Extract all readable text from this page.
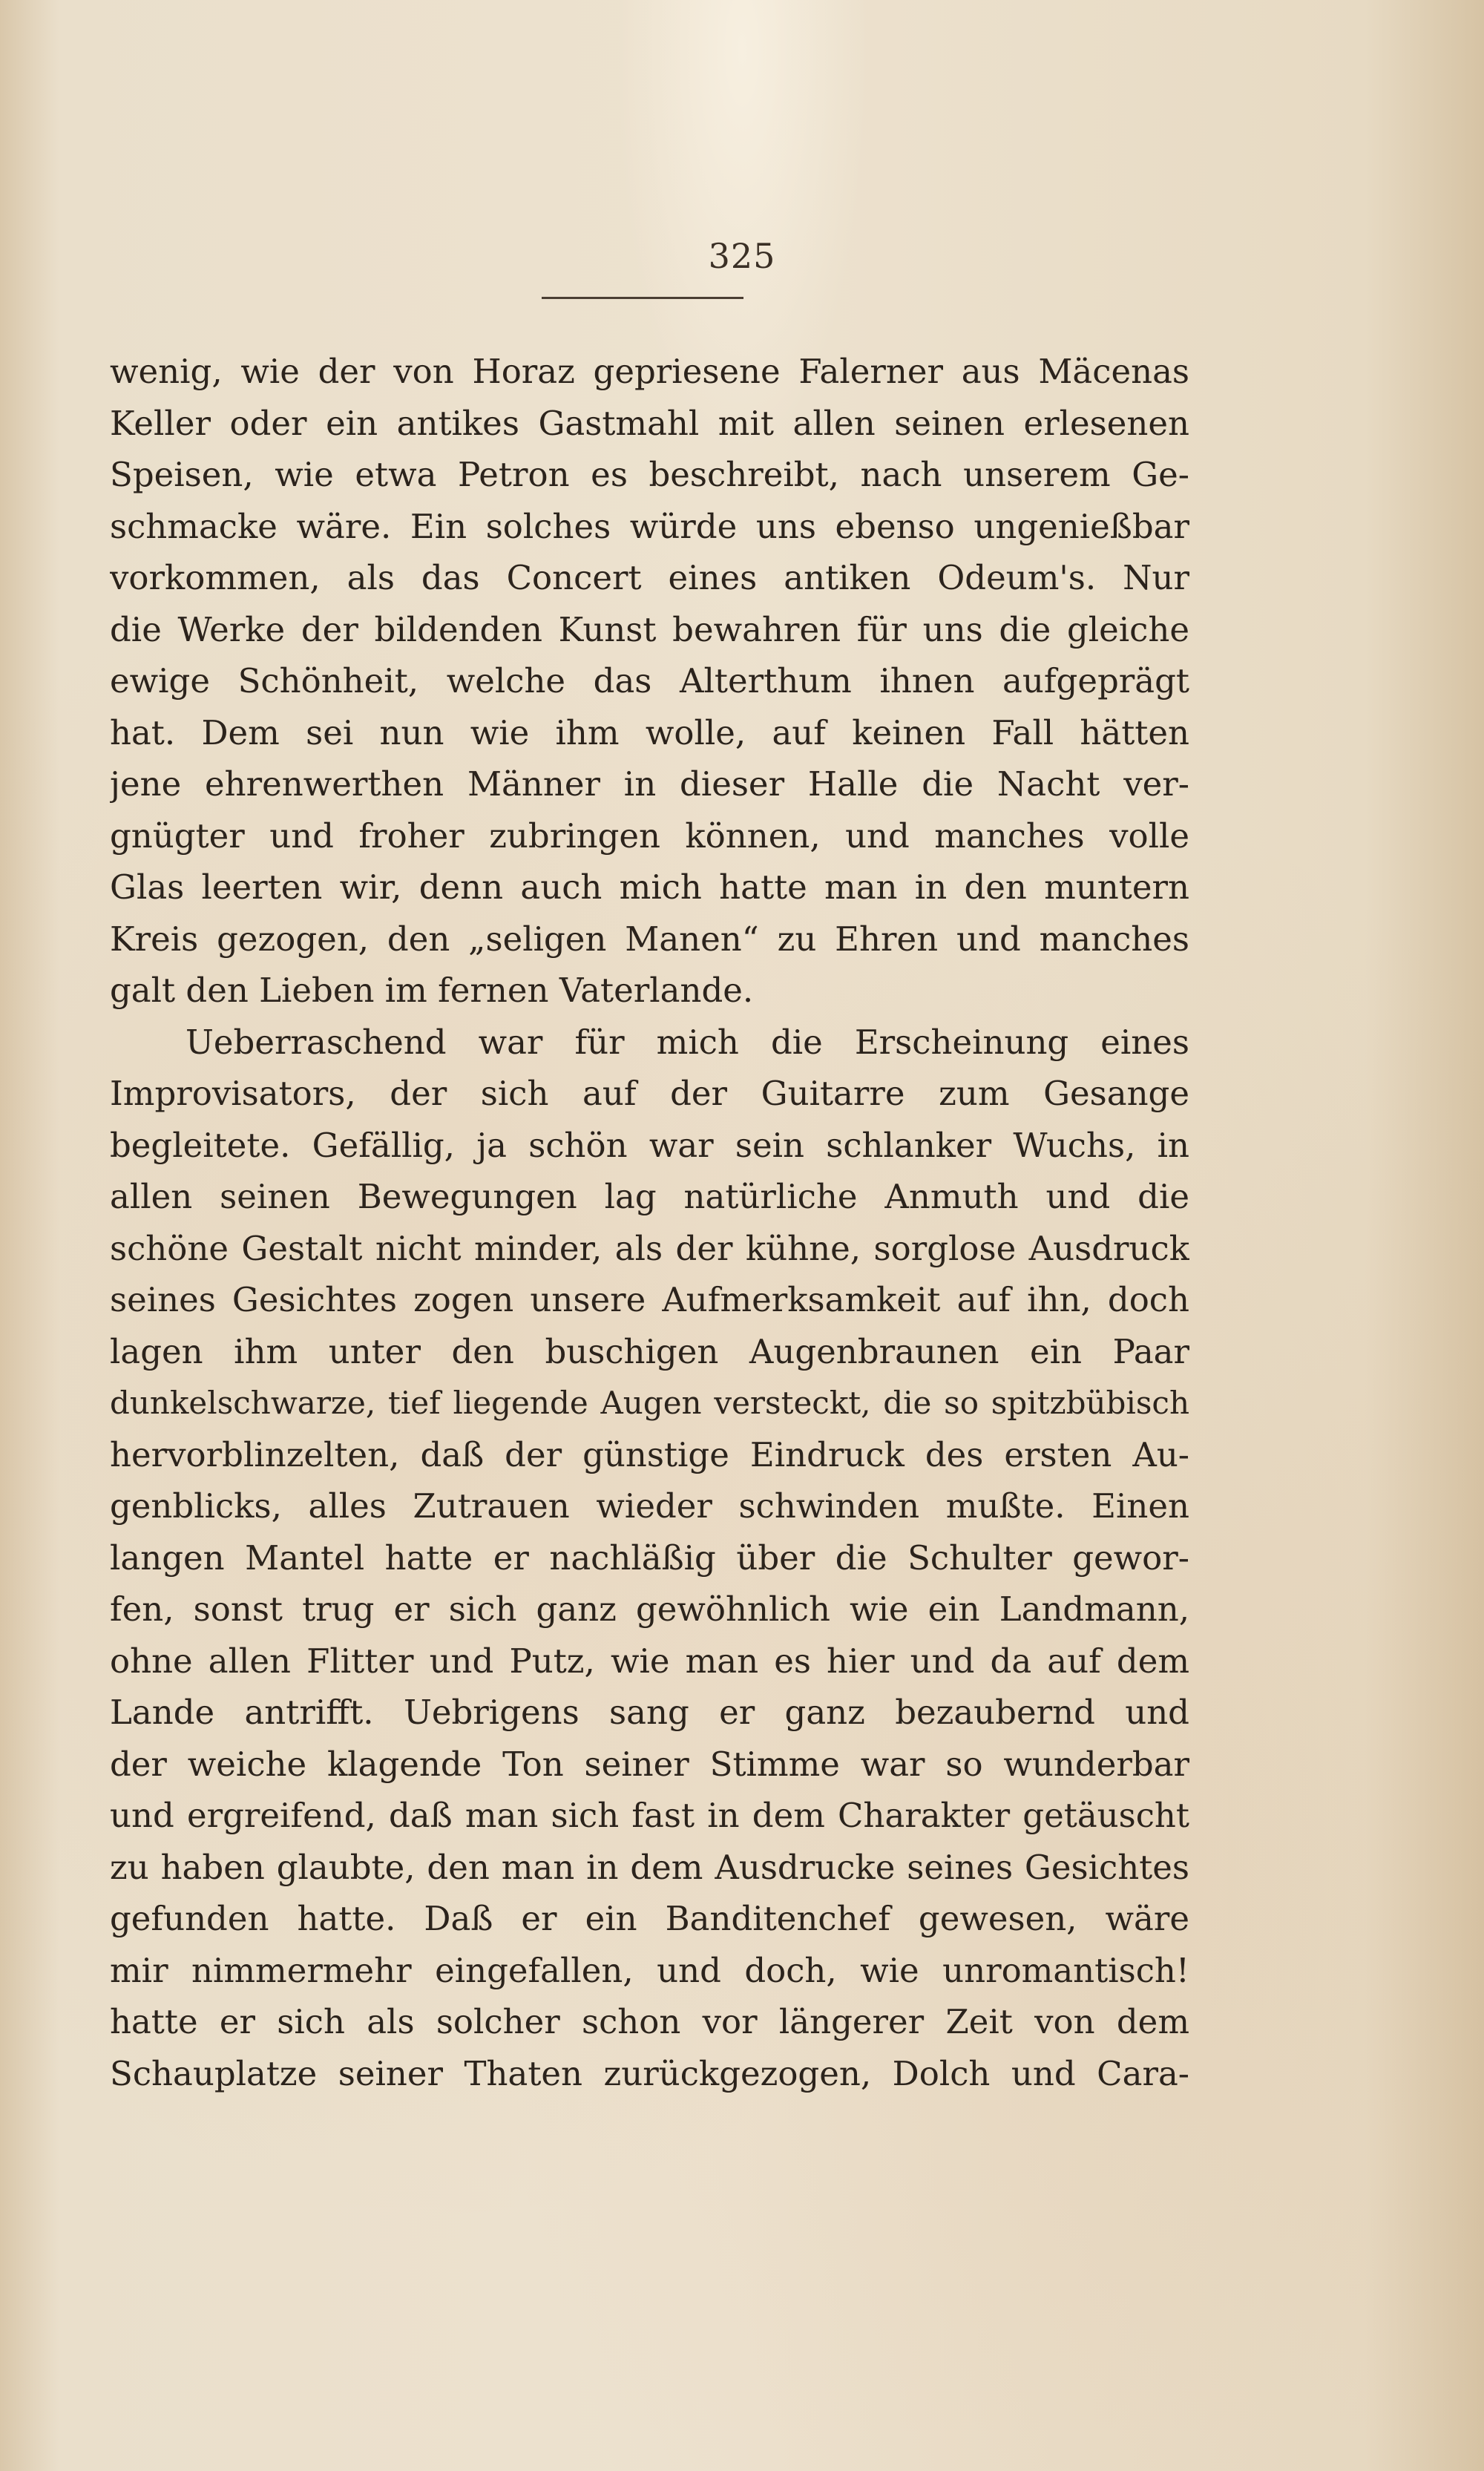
325
wenig, wie der von Horaz gepriesene Falerner aus Mäcenas
Keller oder ein antikes Gastmahl mit allen seinen erlesenen
Speisen, wie etwa Petron es beschreibt, nach unserem Ge-
schmacke wäre. Ein solches würde uns ebenso ungenießbar
vorkommen, als das Concert eines antiken Odeum's. Nur
die Werke der bildenden Kunst bewahren für uns die gleiche
ewige Schönheit, welche das Alterthum ihnen aufgeprägt
hat. Dem sei nun wie ihm wolle, auf keinen Fall hätten
jene ehrenwerthen Männer in dieser Halle die Nacht ver-
gnügter und froher zubringen können, und manches volle
Glas leerten wir, denn auch mich hatte man in den muntern
Kreis gezogen, den „seligen Manen“ zu Ehren und manches
galt den Lieben im fernen Vaterlande.
Ueberraschend war für mich die Erscheinung eines
Improvisators, der sich auf der Guitarre zum Gesange
begleitete. Gefällig, ja schön war sein schlanker Wuchs, in
allen seinen Bewegungen lag natürliche Anmuth und die
schöne Gestalt nicht minder, als der kühne, sorglose Ausdruck
seines Gesichtes zogen unsere Aufmerksamkeit auf ihn, doch
lagen ihm unter den buschigen Augenbraunen ein Paar
dunkelschwarze, tief liegende Augen versteckt, die so spitzbübisch
hervorblinzelten, daß der günstige Eindruck des ersten Au-
genblicks, alles Zutrauen wieder schwinden mußte. Einen
langen Mantel hatte er nachläßig über die Schulter gewor-
fen, sonst trug er sich ganz gewöhnlich wie ein Landmann,
ohne allen Flitter und Putz, wie man es hier und da auf dem
Lande antrifft. Uebrigens sang er ganz bezaubernd und
der weiche klagende Ton seiner Stimme war so wunderbar
und ergreifend, daß man sich fast in dem Charakter getäuscht
zu haben glaubte, den man in dem Ausdrucke seines Gesichtes
gefunden hatte. Daß er ein Banditenchef gewesen, wäre
mir nimmermehr eingefallen, und doch, wie unromantisch!
hatte er sich als solcher schon vor längerer Zeit von dem
Schauplatze seiner Thaten zurückgezogen, Dolch und Cara-
